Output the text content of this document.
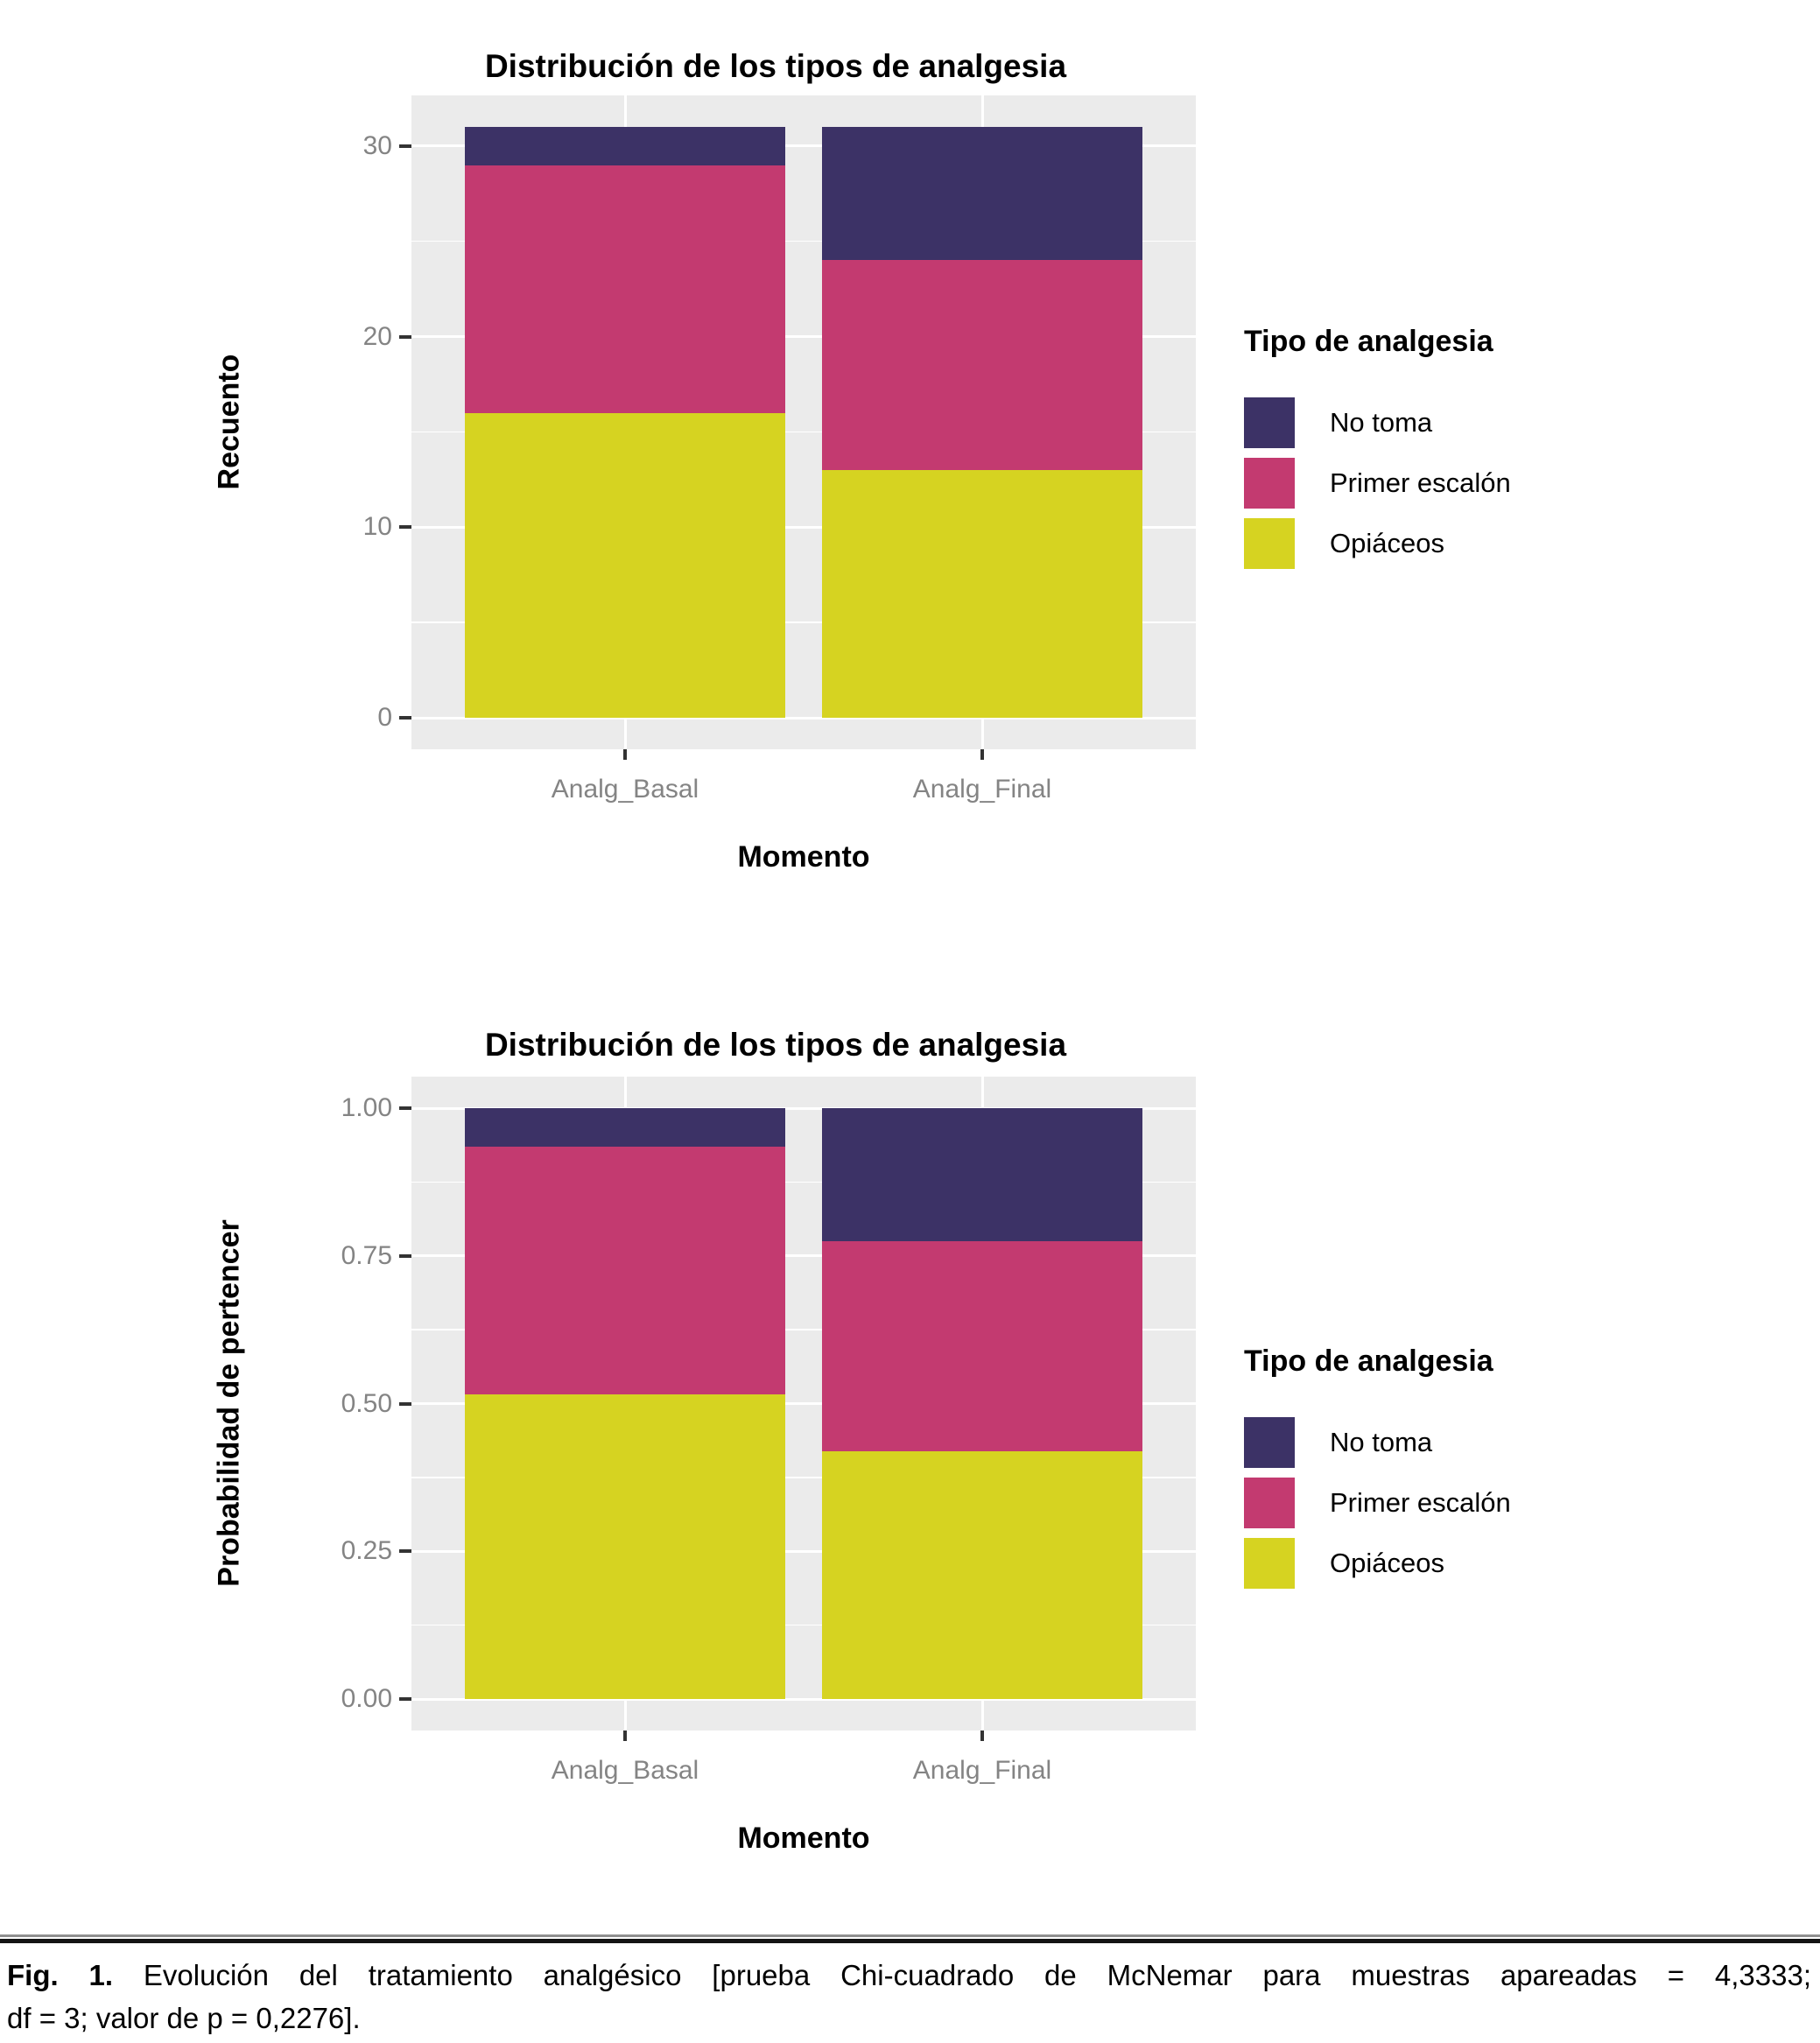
Distribución de los tipos de analgesia
Recuento
0
10
20
30
Analg_Basal	Analg_Final
Momento
Tipo de analgesia
No toma
Primer escalón
Opiáceos
Distribución de los tipos de analgesia
Probabilidad de pertencer
0.00
0.25
0.50
0.75
1.00
Analg_Basal	Analg_Final
Momento
Tipo de analgesia
No toma
Primer escalón
Opiáceos

Fig. 1. Evolución del tratamiento analgésico [prueba Chi-cuadrado de McNemar para muestras apareadas = 4,3333;

df = 3; valor de p = 0,2276].
